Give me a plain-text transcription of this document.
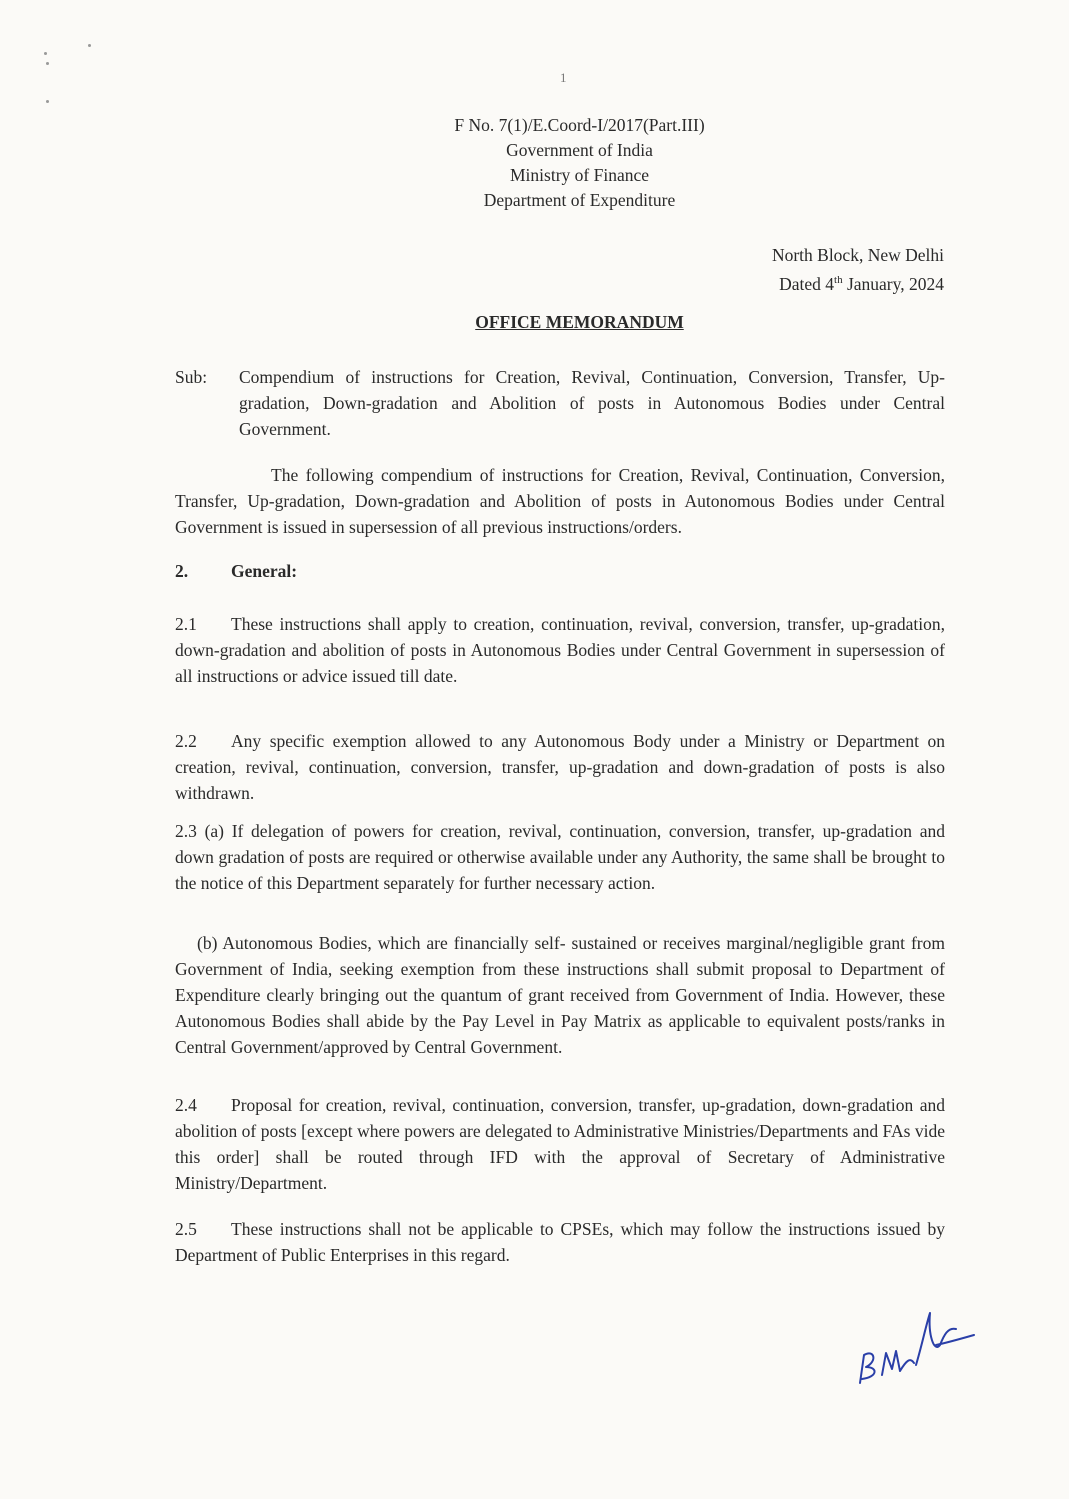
1
F No. 7(1)/E.Coord-I/2017(Part.III)
Government of India
Ministry of Finance
Department of Expenditure
North Block, New Delhi
Dated 4th January, 2024
OFFICE MEMORANDUM
Sub: Compendium of instructions for Creation, Revival, Continuation, Conversion, Transfer, Up-gradation, Down-gradation and Abolition of posts in Autonomous Bodies under Central Government.
The following compendium of instructions for Creation, Revival, Continuation, Conversion, Transfer, Up-gradation, Down-gradation and Abolition of posts in Autonomous Bodies under Central Government is issued in supersession of all previous instructions/orders.
2. General:
2.1 These instructions shall apply to creation, continuation, revival, conversion, transfer, up-gradation, down-gradation and abolition of posts in Autonomous Bodies under Central Government in supersession of all instructions or advice issued till date.
2.2 Any specific exemption allowed to any Autonomous Body under a Ministry or Department on creation, revival, continuation, conversion, transfer, up-gradation and down-gradation of posts is also withdrawn.
2.3 (a) If delegation of powers for creation, revival, continuation, conversion, transfer, up-gradation and down gradation of posts are required or otherwise available under any Authority, the same shall be brought to the notice of this Department separately for further necessary action.
(b) Autonomous Bodies, which are financially self- sustained or receives marginal/negligible grant from Government of India, seeking exemption from these instructions shall submit proposal to Department of Expenditure clearly bringing out the quantum of grant received from Government of India. However, these Autonomous Bodies shall abide by the Pay Level in Pay Matrix as applicable to equivalent posts/ranks in Central Government/approved by Central Government.
2.4 Proposal for creation, revival, continuation, conversion, transfer, up-gradation, down-gradation and abolition of posts [except where powers are delegated to Administrative Ministries/Departments and FAs vide this order] shall be routed through IFD with the approval of Secretary of Administrative Ministry/Department.
2.5 These instructions shall not be applicable to CPSEs, which may follow the instructions issued by Department of Public Enterprises in this regard.
